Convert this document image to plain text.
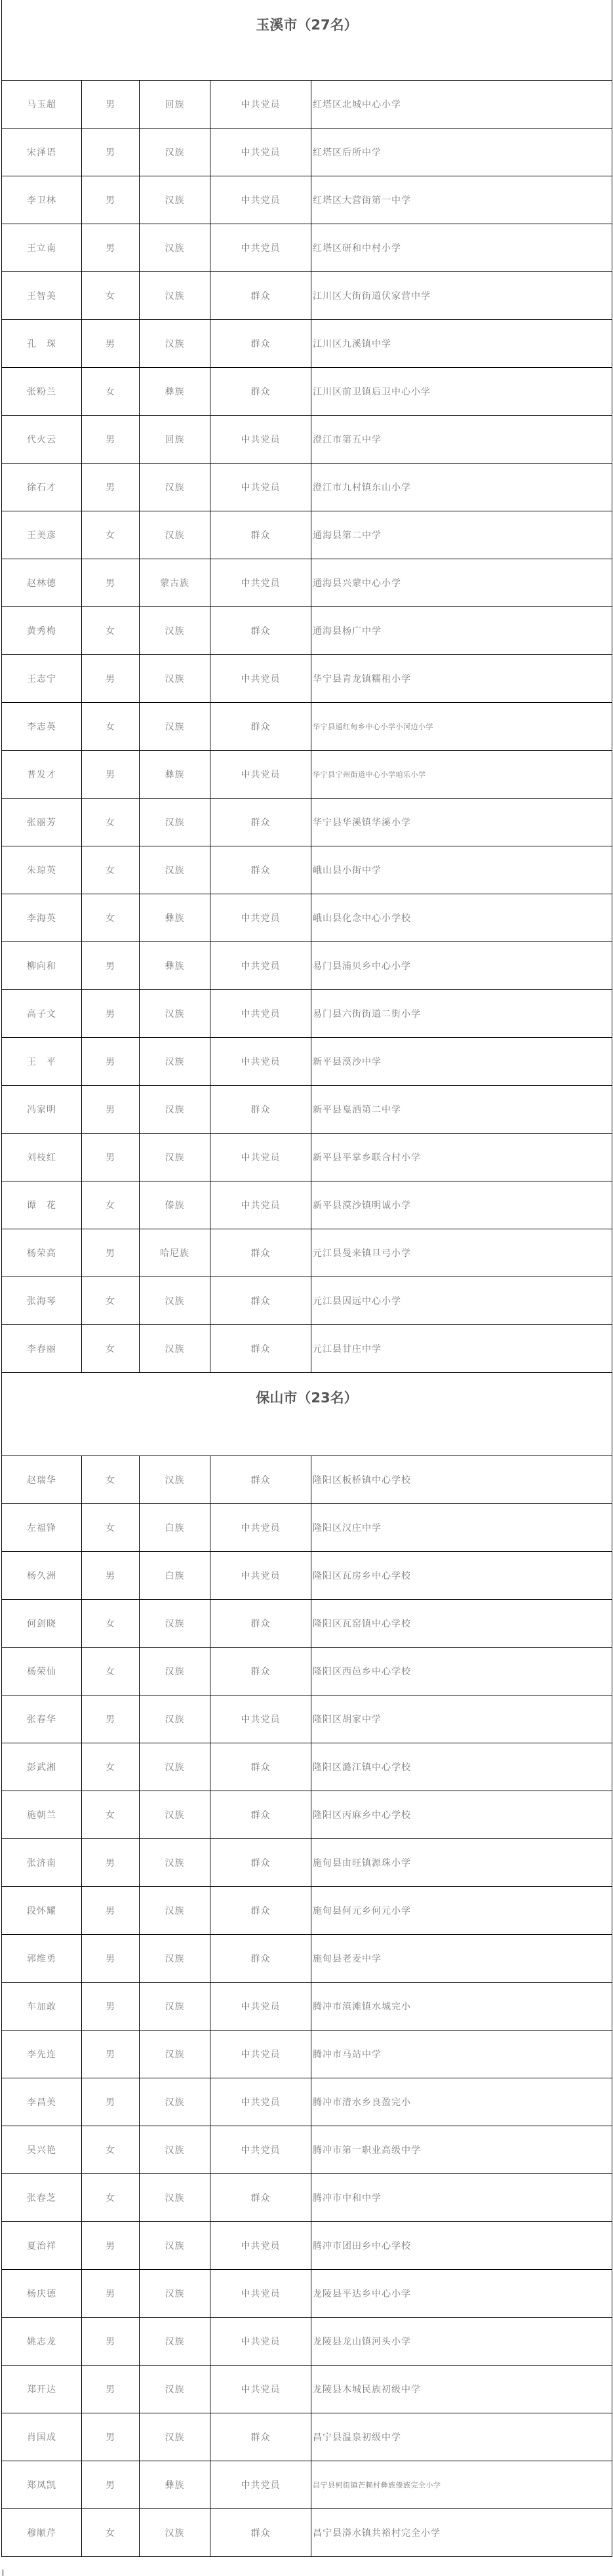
玉溪市（27名）				
马玉超	男	回族	中共党员	红塔区北城中心小学
宋泽语	男	汉族	中共党员	红塔区后所中学
李卫林	男	汉族	中共党员	红塔区大营街第一中学
王立南	男	汉族	中共党员	红塔区研和中村小学
王智美	女	汉族	群众	江川区大街街道伏家营中学
孔　琛	男	汉族	群众	江川区九溪镇中学
张粉兰	女	彝族	群众	江川区前卫镇后卫中心小学
代火云	男	回族	中共党员	澄江市第五中学
徐石才	男	汉族	中共党员	澄江市九村镇东山小学
王美彦	女	汉族	群众	通海县第二中学
赵林德	男	蒙古族	中共党员	通海县兴蒙中心小学
黄秀梅	女	汉族	群众	通海县杨广中学
王志宁	男	汉族	中共党员	华宁县青龙镇糯租小学
李志英	女	汉族	群众	华宁县通红甸乡中心小学小河边小学
普发才	男	彝族	中共党员	华宁县宁州街道中心小学咱乐小学
张丽芳	女	汉族	群众	华宁县华溪镇华溪小学
朱琼英	女	汉族	群众	峨山县小街中学
李海英	女	彝族	中共党员	峨山县化念中心小学校
柳向和	男	彝族	中共党员	易门县浦贝乡中心小学
高子文	男	汉族	中共党员	易门县六街街道二街小学
王　平	男	汉族	中共党员	新平县漠沙中学
冯家明	男	汉族	群众	新平县戛洒第二中学
刘枝红	男	汉族	中共党员	新平县平掌乡联合村小学
谭　花	女	傣族	中共党员	新平县漠沙镇明诚小学
杨荣高	男	哈尼族	群众	元江县曼来镇旦弓小学
张海琴	女	汉族	群众	元江县因远中心小学
李春丽	女	汉族	群众	元江县甘庄中学
保山市（23名）				
赵瑞华	女	汉族	群众	隆阳区板桥镇中心学校
左福锋	女	白族	中共党员	隆阳区汉庄中学
杨久洲	男	白族	中共党员	隆阳区瓦房乡中心学校
何剑晓	女	汉族	群众	隆阳区瓦窑镇中心学校
杨荣仙	女	汉族	群众	隆阳区西邑乡中心学校
张春华	男	汉族	中共党员	隆阳区胡家中学
彭武湘	女	汉族	群众	隆阳区潞江镇中心学校
施朝兰	女	汉族	群众	隆阳区丙麻乡中心学校
张济南	男	汉族	群众	施甸县由旺镇源珠小学
段怀耀	男	汉族	群众	施甸县何元乡何元小学
郭维勇	男	汉族	群众	施甸县老麦中学
车加敢	男	汉族	中共党员	腾冲市滇滩镇水城完小
李先连	男	汉族	中共党员	腾冲市马站中学
李昌美	男	汉族	中共党员	腾冲市清水乡良盈完小
吴兴艳	女	汉族	中共党员	腾冲市第一职业高级中学
张春芝	女	汉族	群众	腾冲市中和中学
夏治祥	男	汉族	中共党员	腾冲市团田乡中心学校
杨庆德	男	汉族	中共党员	龙陵县平达乡中心小学
姚志龙	男	汉族	中共党员	龙陵县龙山镇河头小学
郑开达	男	汉族	中共党员	龙陵县木城民族初级中学
肖国成	男	汉族	群众	昌宁县温泉初级中学
郑凤凯	男	彝族	中共党员	昌宁县柯街镇芒赖村彝族傣族完全小学
穆顺芹	女	汉族	群众	昌宁县漭水镇共裕村完全小学
